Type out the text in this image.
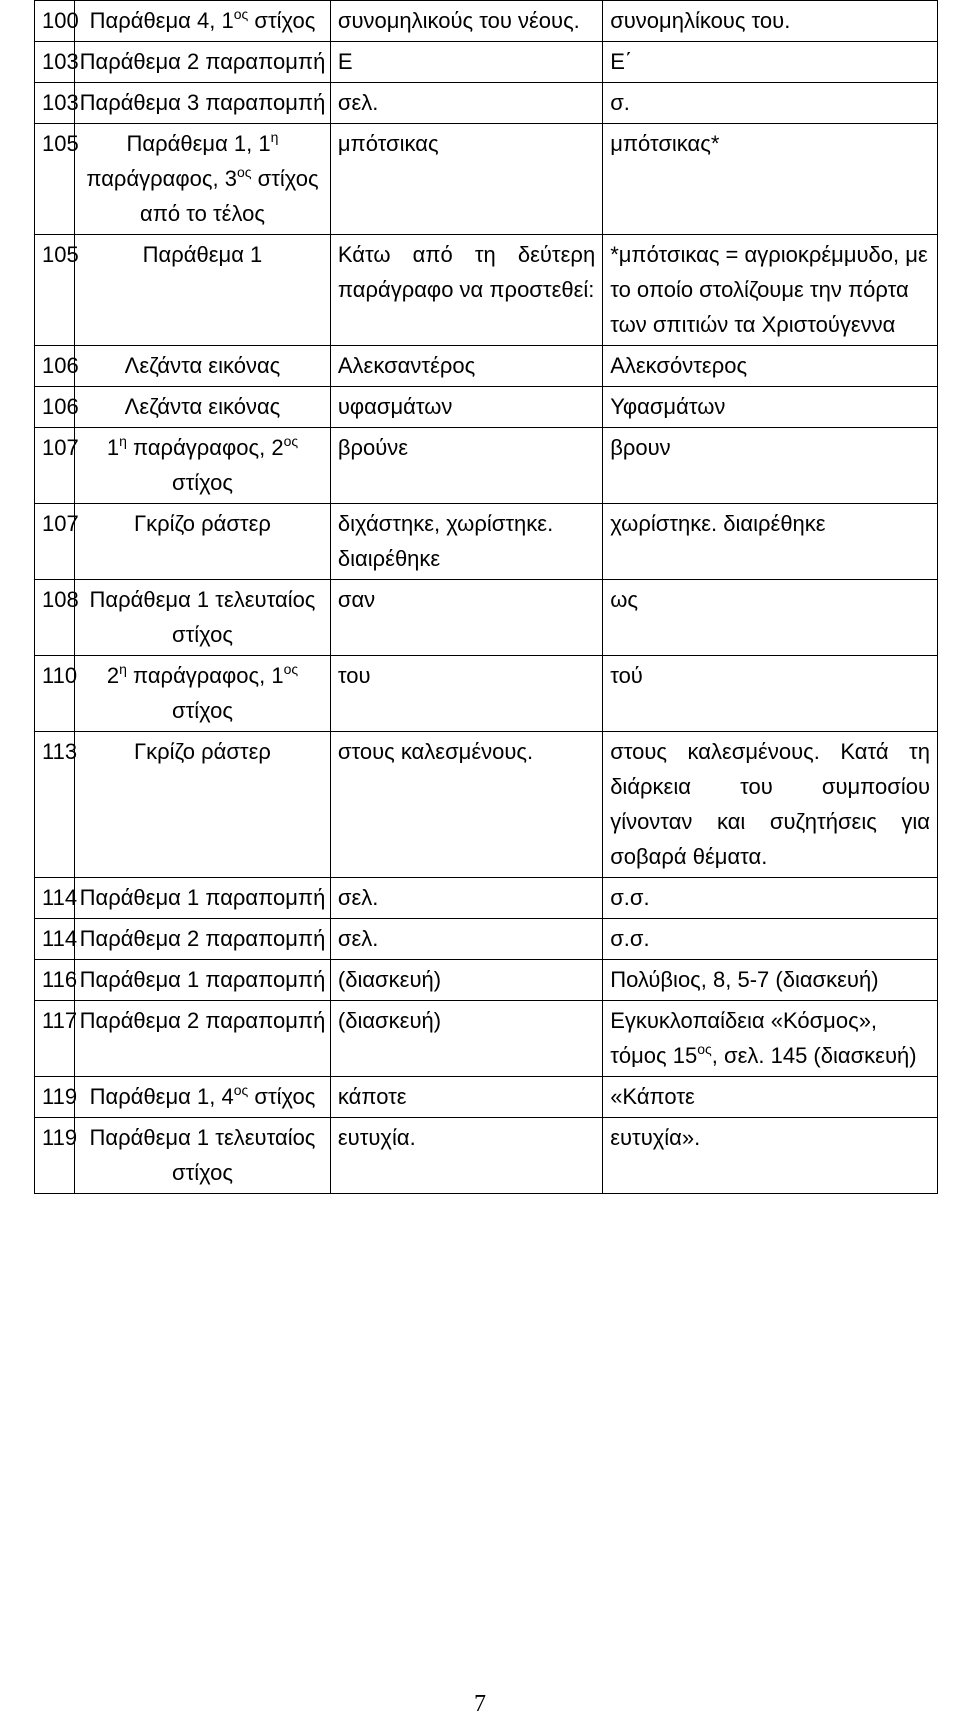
100	Παράθεμα 4, $1^{o\varsigma}$ στίχος	συνομηλικούς του νέους.	συνομηλίκους του.
103	Παράθεμα 2 παραπομπή	Ε	Ε΄
103	Παράθεμα 3 παραπομπή	σελ.	σ.
105	Παράθεμα 1, $1^\eta$ παράγραφος, $3^{o\varsigma}$ στίχος από το τέλος	μπότσικας	μπότσικας*
105	Παράθεμα 1	Κάτω από τη δεύτερη παράγραφο να προστεθεί:	*μπότσικας = αγριοκρέμμυδο, με το οποίο στολίζουμε την πόρτα των σπιτιών τα Χριστούγεννα
106	Λεζάντα εικόνας	Αλεκσαντέρος	Αλεκσόντερος
106	Λεζάντα εικόνας	υφασμάτων	Υφασμάτων
107	$1^\eta$ παράγραφος, $2^{o\varsigma}$ στίχος	βρούνε	βρουν
107	Γκρίζο ράστερ	διχάστηκε, χωρίστηκε. διαιρέθηκε	χωρίστηκε. διαιρέθηκε
108	Παράθεμα 1 τελευταίος στίχος	σαν	ως
110	$2^\eta$ παράγραφος, $1^{o\varsigma}$ στίχος	του	τού
113	Γκρίζο ράστερ	στους καλεσμένους.	στους καλεσμένους. Κατά τη διάρκεια του συμποσίου γίνονταν και συζητήσεις για σοβαρά θέματα.
114	Παράθεμα 1 παραπομπή	σελ.	σ.σ.
114	Παράθεμα 2 παραπομπή	σελ.	σ.σ.
116	Παράθεμα 1 παραπομπή	(διασκευή)	Πολύβιος, 8, 5-7 (διασκευή)
117	Παράθεμα 2 παραπομπή	(διασκευή)	Εγκυκλοπαίδεια «Κόσμος», τόμος $15^{o\varsigma}$, σελ. 145 (διασκευή)
119	Παράθεμα 1, $4^{o\varsigma}$ στίχος	κάποτε	«Κάποτε
119	Παράθεμα 1 τελευταίος στίχος	ευτυχία.	ευτυχία».
7
